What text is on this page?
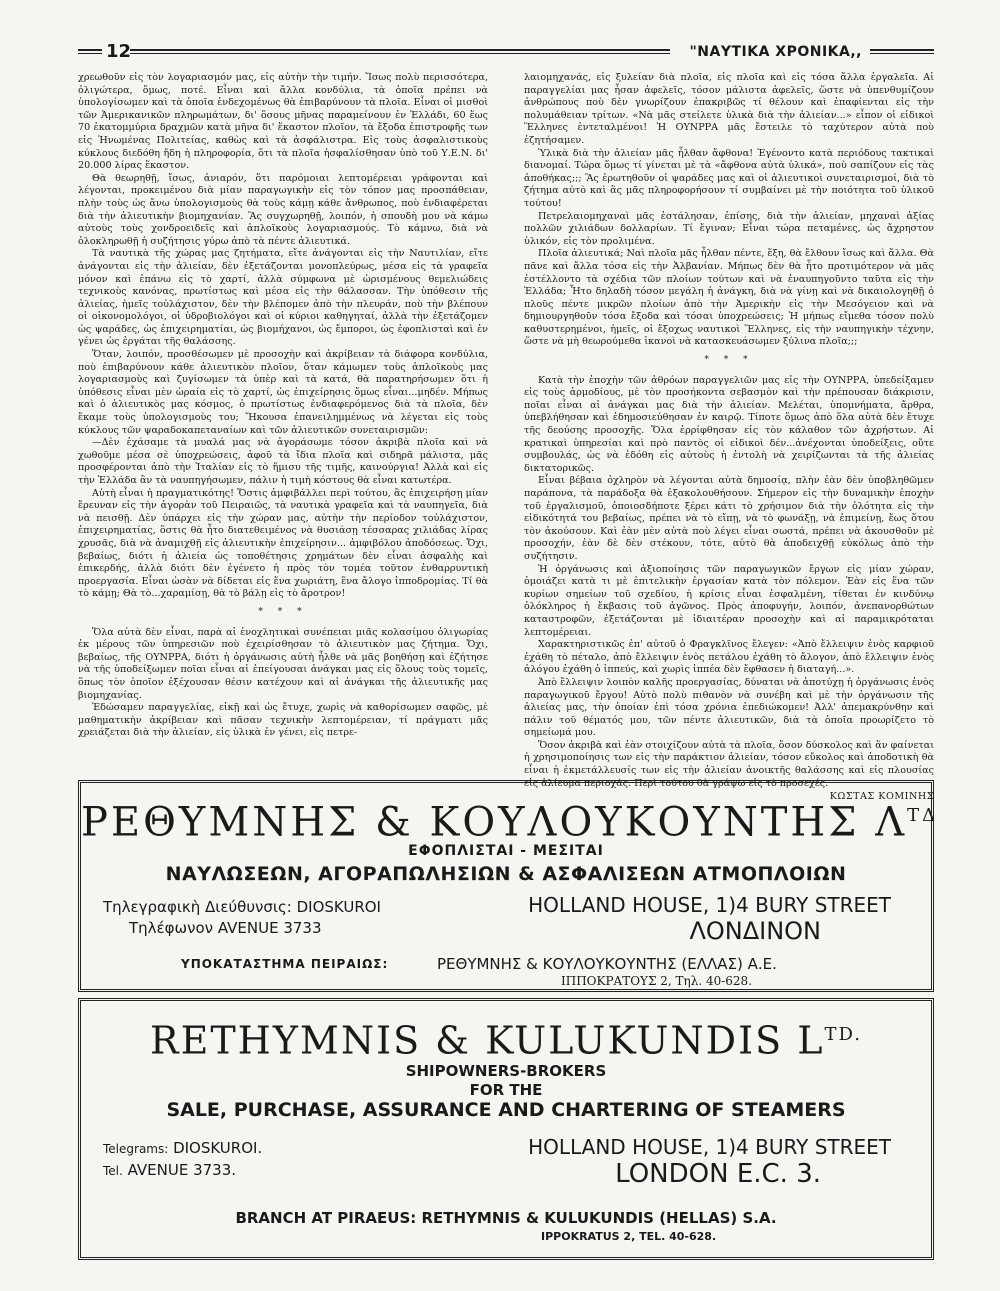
12	"ΝΑΥΤΙΚΑ ΧΡΟΝΙΚΑ,,

χρεωθοῦν εἰς τὸν λογαριασμόν μας, εἰς αὐτὴν τὴν τιμήν. Ἴσως πολὺ περισσότερα, ὀλιγώτερα, ὅμως, ποτέ. Εἶναι καὶ ἄλλα κονδύλια, τὰ ὁποῖα πρέπει νὰ ὑπολογίσωμεν καὶ τὰ ὁποῖα ἐνδεχομένως θὰ ἐπιβαρύνουν τὰ πλοῖα. Εἶναι οἱ μισθοὶ τῶν Ἀμερικανικῶν πληρωμάτων, δι' ὅσους μῆνας παραμείνουν ἐν Ἑλλάδι, 60 ἕως 70 ἑκατομμύρια δραχμῶν κατὰ μῆνα δι' ἕκαστον πλοῖον, τὰ ἔξοδα ἐπιστροφῆς των εἰς Ἡνωμένας Πολιτείας, καθὼς καὶ τὰ ἀσφάλιστρα. Εἰς τοὺς ἀσφαλιστικοὺς κύκλους διεδόθη ἤδη ἡ πληροφορία, ὅτι τὰ πλοῖα ἠσφαλίσθησαν ὑπὸ τοῦ Υ.Ε.Ν. δι' 20.000 λίρας ἕκαστον.

Θὰ θεωρηθῇ, ἴσως, ἀνιαρόν, ὅτι παρόμοιαι λεπτομέρειαι γράφονται καὶ λέγονται, προκειμένου διὰ μίαν παραγωγικὴν εἰς τὸν τόπον μας προσπάθειαν, πλὴν τοὺς ὡς ἄνω ὑπολογισμοὺς θὰ τοὺς κάμῃ κάθε ἄνθρωπος, ποὺ ἐνδιαφέρεται διὰ τὴν ἁλιευτικὴν βιομηχανίαν. Ἂς συγχωρηθῇ, λοιπόν, ἡ σπουδὴ μου νὰ κάμω αὐτοὺς τοὺς χονδροειδεῖς καὶ ἁπλοϊκοὺς λογαριασμούς. Τὸ κάμνω, διὰ νὰ ὁλοκληρωθῇ ἡ συζήτησις γύρω ἀπὸ τὰ πέντε ἁλιευτικά.

Τὰ ναυτικὰ τῆς χώρας μας ζητήματα, εἴτε ἀνάγονται εἰς τὴν Ναυτιλίαν, εἴτε ἀνάγονται εἰς τὴν ἁλιείαν, δὲν ἐξετάζονται μονοπλεύρως, μέσα εἰς τὰ γραφεῖα μόνον καὶ ἐπάνω εἰς τὸ χαρτί, ἀλλὰ σύμφωνα μὲ ὡρισμένους θεμελιώδεις τεχνικοὺς κανόνας, πρωτίστως καὶ μέσα εἰς τὴν θάλασσαν. Τὴν ὑπόθεσιν τῆς ἁλιείας, ἡμεῖς τοὐλάχιστον, δὲν τὴν βλέπομεν ἀπὸ τὴν πλευράν, ποὺ τὴν βλέπουν οἱ οἰκονομολόγοι, οἱ ὑδροβιολόγοι καὶ οἱ κύριοι καθηγηταί, ἀλλὰ τὴν ἐξετάζομεν ὡς ψαράδες, ὡς ἐπιχειρηματίαι, ὡς βιομήχανοι, ὡς ἔμποροι, ὡς ἐφοπλισταὶ καὶ ἐν γένει ὡς ἐργάται τῆς θαλάσσης.

Ὅταν, λοιπόν, προσθέσωμεν μὲ προσοχὴν καὶ ἀκρίβειαν τὰ διάφορα κονδύλια, ποὺ ἐπιβαρύνουν κάθε ἁλιευτικὸν πλοῖον, ὅταν κάμωμεν τοὺς ἁπλοϊκοὺς μας λογαριασμοὺς καὶ ζυγίσωμεν τὰ ὑπὲρ καὶ τὰ κατά, θὰ παρατηρήσωμεν ὅτι ἡ ὑπόθεσις εἶναι μὲν ὡραία εἰς τὸ χαρτί, ὡς ἐπιχείρησις ὅμως εἶναι...μηδέν. Μήπως καὶ ὁ ἁλιευτικὸς μας κόσμος, ὁ πρωτίστως ἐνδιαφερόμενος διὰ τὰ πλοῖα, δὲν ἔκαμε τοὺς ὑπολογισμοὺς του; Ἤκουσα ἐπανειλημμένως νὰ λέγεται εἰς τοὺς κύκλους τῶν ψαραδοκαπεταναίων καὶ τῶν ἁλιευτικῶν συνεταιρισμῶν:

—Δὲν ἐχάσαμε τὰ μυαλά μας νὰ ἀγοράσωμε τόσον ἀκριβὰ πλοῖα καὶ νὰ χωθοῦμε μέσα σὲ ὑποχρεώσεις, ἀφοῦ τὰ ἴδια πλοῖα καὶ σιδηρᾶ μάλιστα, μᾶς προσφέρονται ἀπὸ τὴν Ἰταλίαν εἰς τὸ ἥμισυ τῆς τιμῆς, καινούργια! Ἀλλὰ καὶ εἰς τὴν Ἑλλάδα ἂν τὰ ναυπηγήσωμεν, πάλιν ἡ τιμὴ κόστους θὰ εἶναι κατωτέρα.

Αὐτὴ εἶναι ἡ πραγματικότης! Ὅστις ἀμφιβάλλει περὶ τούτου, ἂς ἐπιχειρήσῃ μίαν ἔρευναν εἰς τὴν ἀγορὰν τοῦ Πειραιῶς, τὰ ναυτικὰ γραφεῖα καὶ τὰ ναυπηγεῖα, διὰ νὰ πεισθῇ. Δὲν ὑπάρχει εἰς τὴν χώραν μας, αὐτὴν τὴν περίοδον τοὐλάχιστον, ἐπιχειρηματίας, ὅστις θὰ ἦτο διατεθειμένος νὰ θυσιάσῃ τέσσαρας χιλιάδας λίρας χρυσᾶς, διὰ νὰ ἀναμιχθῇ εἰς ἁλιευτικὴν ἐπιχείρησιν... ἀμφιβόλου ἀποδόσεως. Ὄχι, βεβαίως, διότι ἡ ἁλιεία ὡς τοποθέτησις χρημάτων δὲν εἶναι ἀσφαλὴς καὶ ἐπικερδής, ἀλλὰ διότι δὲν ἐγένετο ἡ πρὸς τὸν τομέα τοῦτον ἐνθαρρυντικὴ προεργασία. Εἶναι ὡσὰν νὰ δίδεται εἰς ἕνα χωριάτη, ἕνα ἄλογο ἱπποδρομίας. Τί θὰ τὸ κάμῃ; Θὰ τὸ...χαραμίσῃ, θὰ τὸ βάλῃ εἰς τὸ ἄροτρον!

* * *

Ὅλα αὐτὰ δὲν εἶναι, παρὰ αἱ ἐνοχλητικαὶ συνέπειαι μιᾶς κολασίμου ὀλιγωρίας ἐκ μέρους τῶν ὑπηρεσιῶν ποὺ ἐχειρίσθησαν τὸ ἁλιευτικὸν μας ζήτημα. Ὄχι, βεβαίως, τῆς ΟΥΝΡΡΑ, διότι ἡ ὀργάνωσις αὐτὴ ἦλθε νὰ μᾶς βοηθήσῃ καὶ ἐζήτησε νὰ τῆς ὑποδείξωμεν ποῖαι εἶναι αἱ ἐπείγουσαι ἀνάγκαι μας εἰς ὅλους τοὺς τομεῖς, ὅπως τὸν ὁποῖον ἐξέχουσαν θέσιν κατέχουν καὶ αἱ ἀνάγκαι τῆς ἁλιευτικῆς μας βιομηχανίας.

Ἐδώσαμεν παραγγελίας, εἰκῇ καὶ ὡς ἔτυχε, χωρὶς νὰ καθορίσωμεν σαφῶς, μὲ μαθηματικὴν ἀκρίβειαν καὶ πᾶσαν τεχνικὴν λεπτομέρειαν, τί πράγματι μᾶς χρειάζεται διὰ τὴν ἁλιείαν, εἰς ὑλικὰ ἐν γένει, εἰς πετρε-

λαιομηχανάς, εἰς ξυλείαν διὰ πλοῖα, εἰς πλοῖα καὶ εἰς τόσα ἄλλα ἐργαλεῖα. Αἱ παραγγελίαι μας ἦσαν ἀφελεῖς, τόσον μάλιστα ἀφελεῖς, ὥστε νὰ ὑπενθυμίζουν ἀνθρώπους ποὺ δὲν γνωρίζουν ἐπακριβῶς τί θέλουν καὶ ἐπαφίενται εἰς τὴν πολυμάθειαν τρίτων. «Νὰ μᾶς στείλετε ὑλικὰ διὰ τὴν ἁλιείαν...» εἶπον οἱ εἰδικοὶ Ἕλληνες ἐντεταλμένοι! Ἡ ΟΥΝΡΡΑ μᾶς ἔστειλε τὸ ταχύτερον αὐτὰ ποὺ ἐζητήσαμεν.

Ὑλικὰ διὰ τὴν ἁλιείαν μᾶς ἦλθαν ἄφθονα! Ἐγένοντο κατὰ περιόδους τακτικαὶ διανομαί. Τώρα ὅμως τί γίνεται μὲ τὰ «ἄφθονα αὐτὰ ὑλικά», ποὺ σαπίζουν εἰς τὰς ἀποθήκας;;; Ἂς ἐρωτηθοῦν οἱ ψαράδες μας καὶ οἱ ἁλιευτικοὶ συνεταιρισμοί, διὰ τὸ ζήτημα αὐτὸ καὶ ἂς μᾶς πληροφορήσουν τί συμβαίνει μὲ τὴν ποιότητα τοῦ ὑλικοῦ τούτου!

Πετρελαιομηχαναὶ μᾶς ἐστάλησαν, ἐπίσης, διὰ τὴν ἁλιείαν, μηχαναὶ ἀξίας πολλῶν χιλιάδων δολλαρίων. Τί ἔγιναν; Εἶναι τώρα πεταμένες, ὡς ἄχρηστον ὑλικόν, εἰς τὸν προλιμένα.

Πλοῖα ἁλιευτικά; Ναὶ πλοῖα μᾶς ἦλθαν πέντε, ἕξη, θὰ ἔλθουν ἴσως καὶ ἄλλα. Θὰ πᾶνε καὶ ἄλλα τόσα εἰς τὴν Ἀλβανίαν. Μήπως δὲν θὰ ἦτο προτιμότερον νὰ μᾶς ἐστέλλοντο τὰ σχέδια τῶν πλοίων τούτων καὶ νὰ ἐναυπηγοῦντο ταῦτα εἰς τὴν Ἑλλάδα; Ἦτο δηλαδὴ τόσον μεγάλη ἡ ἀνάγκη, διὰ νὰ γίνῃ καὶ νὰ δικαιολογηθῇ ὁ πλοῦς πέντε μικρῶν πλοίων ἀπὸ τὴν Ἀμερικὴν εἰς τὴν Μεσόγειον καὶ νὰ δημιουργηθοῦν τόσα ἔξοδα καὶ τόσαι ὑποχρεώσεις; Ἡ μήπως εἴμεθα τόσον πολὺ καθυστερημένοι, ἡμεῖς, οἱ ἔξοχως ναυτικοὶ Ἕλληνες, εἰς τὴν ναυπηγικὴν τέχνην, ὥστε νὰ μὴ θεωρούμεθα ἱκανοὶ νὰ κατασκευάσωμεν ξύλινα πλοῖα;;;

* * *

Κατὰ τὴν ἐποχὴν τῶν ἀθρόων παραγγελιῶν μας εἰς τὴν ΟΥΝΡΡΑ, ὑπεδείξαμεν εἰς τοὺς ἁρμοδίους, μὲ τὸν προσήκοντα σεβασμὸν καὶ τὴν πρέπουσαν διάκρισιν, ποῖαι εἶναι αἱ ἀνάγκαι μας διὰ τὴν ἁλιείαν. Μελέται, ὑπομνήματα, ἄρθρα, ὑπεβλήθησαν καὶ ἐδημοσιεύθησαν ἐν καιρῷ. Τίποτε ὅμως ἀπὸ ὅλα αὐτὰ δὲν ἔτυχε τῆς δεούσης προσοχῆς. Ὅλα ἐρρίφθησαν εἰς τὸν κάλαθον τῶν ἀχρήστων. Αἱ κρατικαὶ ὑπηρεσίαι καὶ πρὸ παντὸς οἱ εἰδικοὶ δέν...ἀνέχονται ὑποδείξεις, οὔτε συμβουλάς, ὡς νὰ ἐδόθη εἰς αὐτοὺς ἡ ἐντολὴ νὰ χειρίζωνται τὰ τῆς ἁλιείας δικτατορικῶς.

Εἶναι βέβαια ὀχληρὸν νὰ λέγονται αὐτὰ δημοσίᾳ, πλὴν ἐὰν δὲν ὑποβληθῶμεν παράπονα, τὰ παράδοξα θὰ ἐξακολουθήσουν. Σήμερον εἰς τὴν δυναμικὴν ἐποχὴν τοῦ ἐργαλισμοῦ, ὁποιοσδήποτε ξέρει κάτι τὸ χρήσιμον διὰ τὴν ὁλότητα εἰς τὴν εἰδικότητά του βεβαίως, πρέπει νὰ τὸ εἴπῃ, νὰ τὸ φωνάξῃ, νὰ ἐπιμείνῃ, ἕως ὅτου τὸν ἀκούσουν. Καὶ ἐὰν μὲν αὐτὰ ποὺ λέγει εἶναι σωστά, πρέπει νὰ ἀκουσθοῦν μὲ προσοχήν, ἐὰν δὲ δὲν στέκουν, τότε, αὐτὸ θὰ ἀποδειχθῇ εὐκόλως ἀπὸ τὴν συζήτησιν.

Ἡ ὀργάνωσις καὶ ἀξιοποίησις τῶν παραγωγικῶν ἔργων εἰς μίαν χώραν, ὁμοιάζει κατὰ τι μὲ ἐπιτελικὴν ἐργασίαν κατὰ τὸν πόλεμον. Ἐὰν εἰς ἕνα τῶν κυρίων σημείων τοῦ σχεδίου, ἡ κρίσις εἶναι ἐσφαλμένη, τίθεται ἐν κινδύνῳ ὁλόκληρος ἡ ἔκβασις τοῦ ἀγῶνος. Πρὸς ἀποφυγήν, λοιπόν, ἀνεπανορθώτων καταστροφῶν, ἐξετάζονται μὲ ἰδιαιτέραν προσοχὴν καὶ αἱ παραμικρόταται λεπτομέρειαι.

Χαρακτηριστικῶς ἐπ' αὐτοῦ ὁ Φραγκλῖνος ἔλεγεν: «Ἀπὸ ἔλλειψιν ἑνὸς καρφιοῦ ἐχάθη τὸ πέταλο, ἀπὸ ἔλλειψιν ἑνὸς πετάλου ἐχάθη τὸ ἄλογον, ἀπὸ ἔλλειψιν ἑνὸς ἀλόγου ἐχάθη ὁ ἱππεύς, καὶ χωρὶς ἱππέα δὲν ἔφθασεν ἡ διαταγή...».

Ἀπὸ ἔλλειψιν λοιπὸν καλῆς προεργασίας, δύναται νὰ ἀποτύχῃ ἡ ὀργάνωσις ἑνὸς παραγωγικοῦ ἔργου! Αὐτὸ πολὺ πιθανὸν νὰ συνέβη καὶ μὲ τὴν ὀργάνωσιν τῆς ἁλιείας μας, τὴν ὁποίαν ἐπὶ τόσα χρόνια ἐπεδιώκομεν! Ἀλλ' ἀπεμακρύνθην καὶ πάλιν τοῦ θέματός μου, τῶν πέντε ἁλιευτικῶν, διὰ τὰ ὁποῖα προωρίζετο τὸ σημείωμά μου.

Ὅσον ἀκριβὰ καὶ ἐὰν στοιχίζουν αὐτὰ τὰ πλοῖα, ὅσον δύσκολος καὶ ἂν φαίνεται ἡ χρησιμοποίησις των εἰς τὴν παράκτιον ἁλιείαν, τόσον εὔκολος καὶ ἀποδοτικὴ θὰ εἶναι ἡ ἐκμετάλλευσίς των εἰς τὴν ἁλιείαν ἀνοικτῆς θαλάσσης καὶ εἰς πλουσίας εἰς ἁλίευμα περιοχάς. Περὶ τούτου θὰ γράψω εἰς τὸ προσεχές.

ΚΩΣΤΑΣ ΚΟΜΙΝΗΣ
ΡΕΘΥΜΝΗΣ & ΚΟΥΛΟΥΚΟΥΝΤΗΣ $\Lambda^{T\Delta}$
ΕΦΟΠΛΙΣΤΑΙ - ΜΕΣΙΤΑΙ
ΝΑΥΛΩΣΕΩΝ, ΑΓΟΡΑΠΩΛΗΣΙΩΝ & ΑΣΦΑΛΙΣΕΩΝ ΑΤΜΟΠΛΟΙΩΝ
Τηλεγραφικὴ Διεύθυνσις: DIOSKUROI
Τηλέφωνον AVENUE 3733
HOLLAND HOUSE, 1)4 BURY STREET
ΛΟΝΔΙΝΟΝ
ΥΠΟΚΑΤΑΣΤΗΜΑ ΠΕΙΡΑΙΩΣ:	ΡΕΘΥΜΝΗΣ & ΚΟΥΛΟΥΚΟΥΝΤΗΣ (ΕΛΛΑΣ) Α.Ε.
ΙΠΠΟΚΡΑΤΟΥΣ 2, Τηλ. 40-628.
RETHYMNIS & KULUKUNDIS $L^{TD.}$
SHIPOWNERS-BROKERS
FOR THE
SALE, PURCHASE, ASSURANCE AND CHARTERING OF STEAMERS
Telegrams: DIOSKUROI.
Tel. AVENUE 3733.
HOLLAND HOUSE, 1)4 BURY STREET
LONDON E.C. 3.
BRANCH AT PIRAEUS: RETHYMNIS & KULUKUNDIS (HELLAS) S.A.
IPPOKRATUS 2, TEL. 40-628.
